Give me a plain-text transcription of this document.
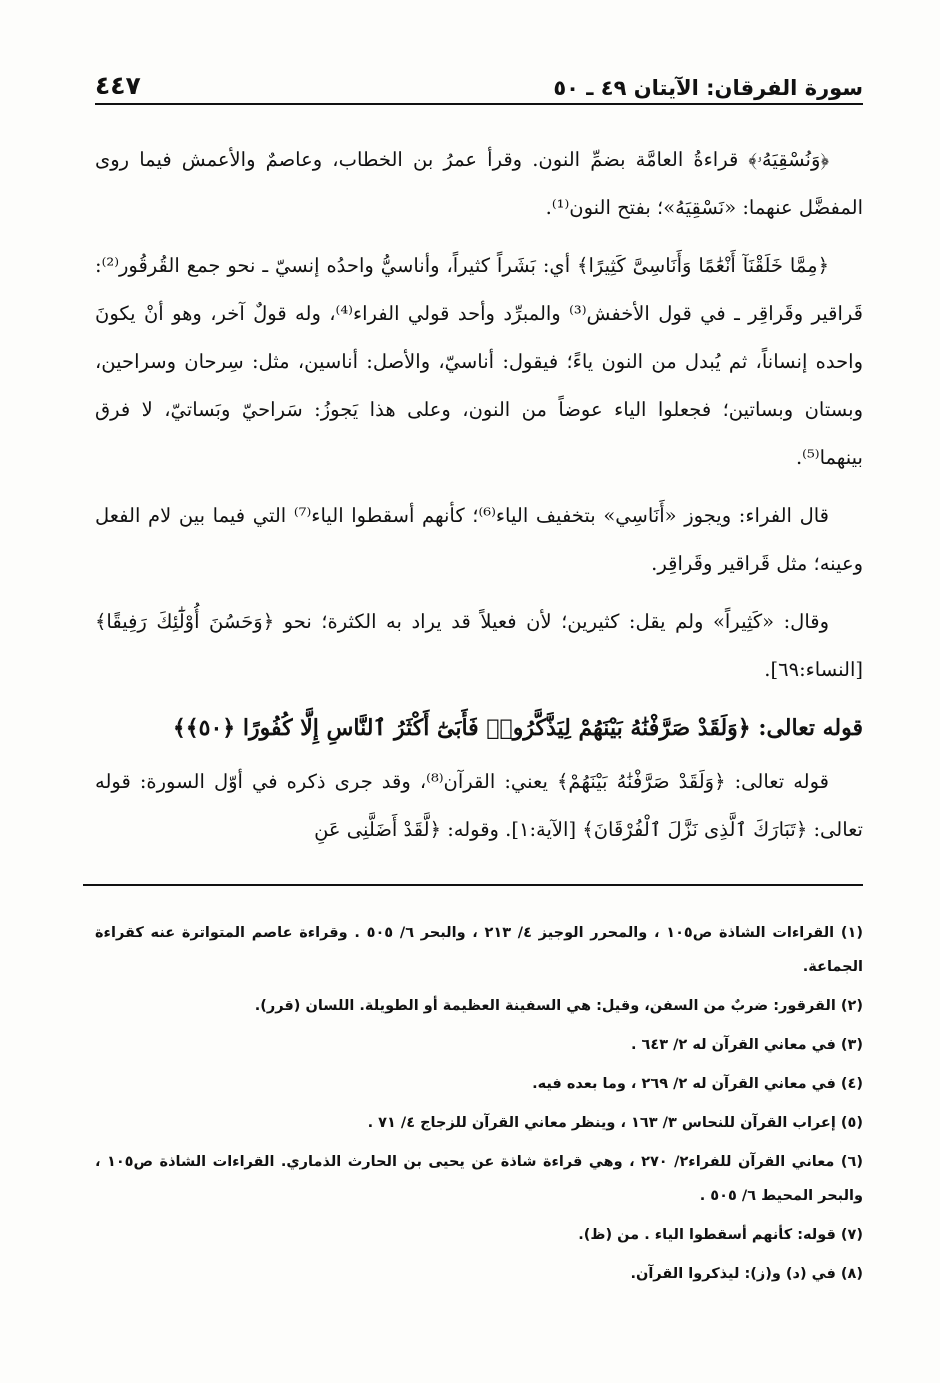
٤٤٧	سورة الفرقان: الآيتان ٤٩ ـ ٥٠

﴿وَنُسْقِيَهُۥ﴾ قراءةُ العامَّة بضمِّ النون. وقرأ عمرُ بن الخطاب، وعاصمٌ والأعمش فيما روى المفضَّل عنهما: «نَسْقِيَهُ»؛ بفتح النون⁽¹⁾.

﴿مِمَّا خَلَقْنَآ أَنْعَٰمًا وَأَنَاسِىَّ كَثِيرًا﴾ أي: بَشَراً كثيراً، وأناسيُّ واحدُه إنسيّ ـ نحو جمع القُرقُور⁽²⁾: قَراقير وقَراقِر ـ في قول الأخفش⁽³⁾ والمبرِّد وأحد قولي الفراء⁽⁴⁾، وله قولٌ آخر، وهو أنْ يكونَ واحده إنساناً، ثم يُبدل من النون ياءً؛ فيقول: أناسيّ، والأصل: أناسين، مثل: سِرحان وسراحين، وبستان وبساتين؛ فجعلوا الياء عوضاً من النون، وعلى هذا يَجوزُ: سَراحيّ وبَساتيّ، لا فرق بينهما⁽⁵⁾.

قال الفراء: ويجوز «أَنَاسِي» بتخفيف الياء⁽⁶⁾؛ كأنهم أسقطوا الياء⁽⁷⁾ التي فيما بين لام الفعل وعينه؛ مثل قَراقير وقَراقِر.

وقال: «كَثِيراً» ولم يقل: كثيرين؛ لأن فعيلاً قد يراد به الكثرة؛ نحو ﴿وَحَسُنَ أُوْلَٰٓئِكَ رَفِيقًا﴾ [النساء:٦٩].

قوله تعالى: ﴿وَلَقَدْ صَرَّفْنَٰهُ بَيْنَهُمْ لِيَذَّكَّرُوا۟ فَأَبَىٰٓ أَكْثَرُ ٱلنَّاسِ إِلَّا كُفُورًا ﴿٥٠﴾﴾

قوله تعالى: ﴿وَلَقَدْ صَرَّفْنَٰهُ بَيْنَهُمْ﴾ يعني: القرآن⁽⁸⁾، وقد جرى ذكره في أوّل السورة: قوله تعالى: ﴿تَبَارَكَ ٱلَّذِى نَزَّلَ ٱلْفُرْقَانَ﴾ [الآية:١]. وقوله: ﴿لَّقَدْ أَضَلَّنِى عَنِ

(١) القراءات الشاذة ص١٠٥ ، والمحرر الوجيز ٤/ ٢١٣ ، والبحر ٦/ ٥٠٥ . وقراءة عاصم المتواترة عنه كقراءة الجماعة.
(٢) القرقور: ضربٌ من السفن، وقيل: هي السفينة العظيمة أو الطويلة. اللسان (قرر).
(٣) في معاني القرآن له ٢/ ٦٤٣ .
(٤) في معاني القرآن له ٢/ ٢٦٩ ، وما بعده فيه.
(٥) إعراب القرآن للنحاس ٣/ ١٦٣ ، وينظر معاني القرآن للزجاج ٤/ ٧١ .
(٦) معاني القرآن للفراء٢/ ٢٧٠ ، وهي قراءة شاذة عن يحيى بن الحارث الذماري. القراءات الشاذة ص١٠٥ ، والبحر المحيط ٦/ ٥٠٥ .
(٧) قوله: كأنهم أسقطوا الياء . من (ظ).
(٨) في (د) و(ز): ليذكروا القرآن.
